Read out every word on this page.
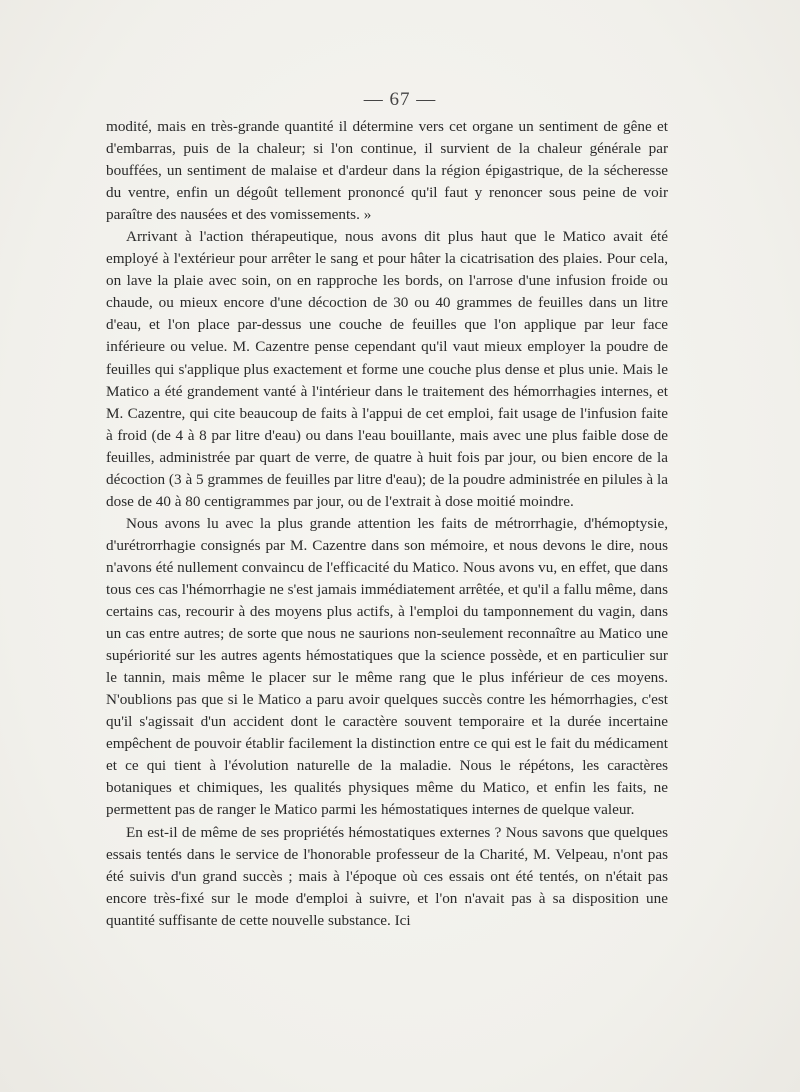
— 67 —

modité, mais en très-grande quantité il détermine vers cet organe un sentiment de gêne et d'embarras, puis de la chaleur; si l'on continue, il survient de la chaleur générale par bouffées, un sentiment de malaise et d'ardeur dans la région épigastrique, de la sécheresse du ventre, enfin un dégoût tellement prononcé qu'il faut y renoncer sous peine de voir paraître des nausées et des vomissements. »

Arrivant à l'action thérapeutique, nous avons dit plus haut que le Matico avait été employé à l'extérieur pour arrêter le sang et pour hâter la cicatrisation des plaies. Pour cela, on lave la plaie avec soin, on en rapproche les bords, on l'arrose d'une infusion froide ou chaude, ou mieux encore d'une décoction de 30 ou 40 grammes de feuilles dans un litre d'eau, et l'on place par-dessus une couche de feuilles que l'on applique par leur face inférieure ou velue. M. Cazentre pense cependant qu'il vaut mieux employer la poudre de feuilles qui s'applique plus exactement et forme une couche plus dense et plus unie. Mais le Matico a été grandement vanté à l'intérieur dans le traitement des hémorrhagies internes, et M. Cazentre, qui cite beaucoup de faits à l'appui de cet emploi, fait usage de l'infusion faite à froid (de 4 à 8 par litre d'eau) ou dans l'eau bouillante, mais avec une plus faible dose de feuilles, administrée par quart de verre, de quatre à huit fois par jour, ou bien encore de la décoction (3 à 5 grammes de feuilles par litre d'eau); de la poudre administrée en pilules à la dose de 40 à 80 centigrammes par jour, ou de l'extrait à dose moitié moindre.

Nous avons lu avec la plus grande attention les faits de métrorrhagie, d'hémoptysie, d'urétrorrhagie consignés par M. Cazentre dans son mémoire, et nous devons le dire, nous n'avons été nullement convaincu de l'efficacité du Matico. Nous avons vu, en effet, que dans tous ces cas l'hémorrhagie ne s'est jamais immédiatement arrêtée, et qu'il a fallu même, dans certains cas, recourir à des moyens plus actifs, à l'emploi du tamponnement du vagin, dans un cas entre autres; de sorte que nous ne saurions non-seulement reconnaître au Matico une supériorité sur les autres agents hémostatiques que la science possède, et en particulier sur le tannin, mais même le placer sur le même rang que le plus inférieur de ces moyens. N'oublions pas que si le Matico a paru avoir quelques succès contre les hémorrhagies, c'est qu'il s'agissait d'un accident dont le caractère souvent temporaire et la durée incertaine empêchent de pouvoir établir facilement la distinction entre ce qui est le fait du médicament et ce qui tient à l'évolution naturelle de la maladie. Nous le répétons, les caractères botaniques et chimiques, les qualités physiques même du Matico, et enfin les faits, ne permettent pas de ranger le Matico parmi les hémostatiques internes de quelque valeur.

En est-il de même de ses propriétés hémostatiques externes ? Nous savons que quelques essais tentés dans le service de l'honorable professeur de la Charité, M. Velpeau, n'ont pas été suivis d'un grand succès ; mais à l'époque où ces essais ont été tentés, on n'était pas encore très-fixé sur le mode d'emploi à suivre, et l'on n'avait pas à sa disposition une quantité suffisante de cette nouvelle substance. Ici
